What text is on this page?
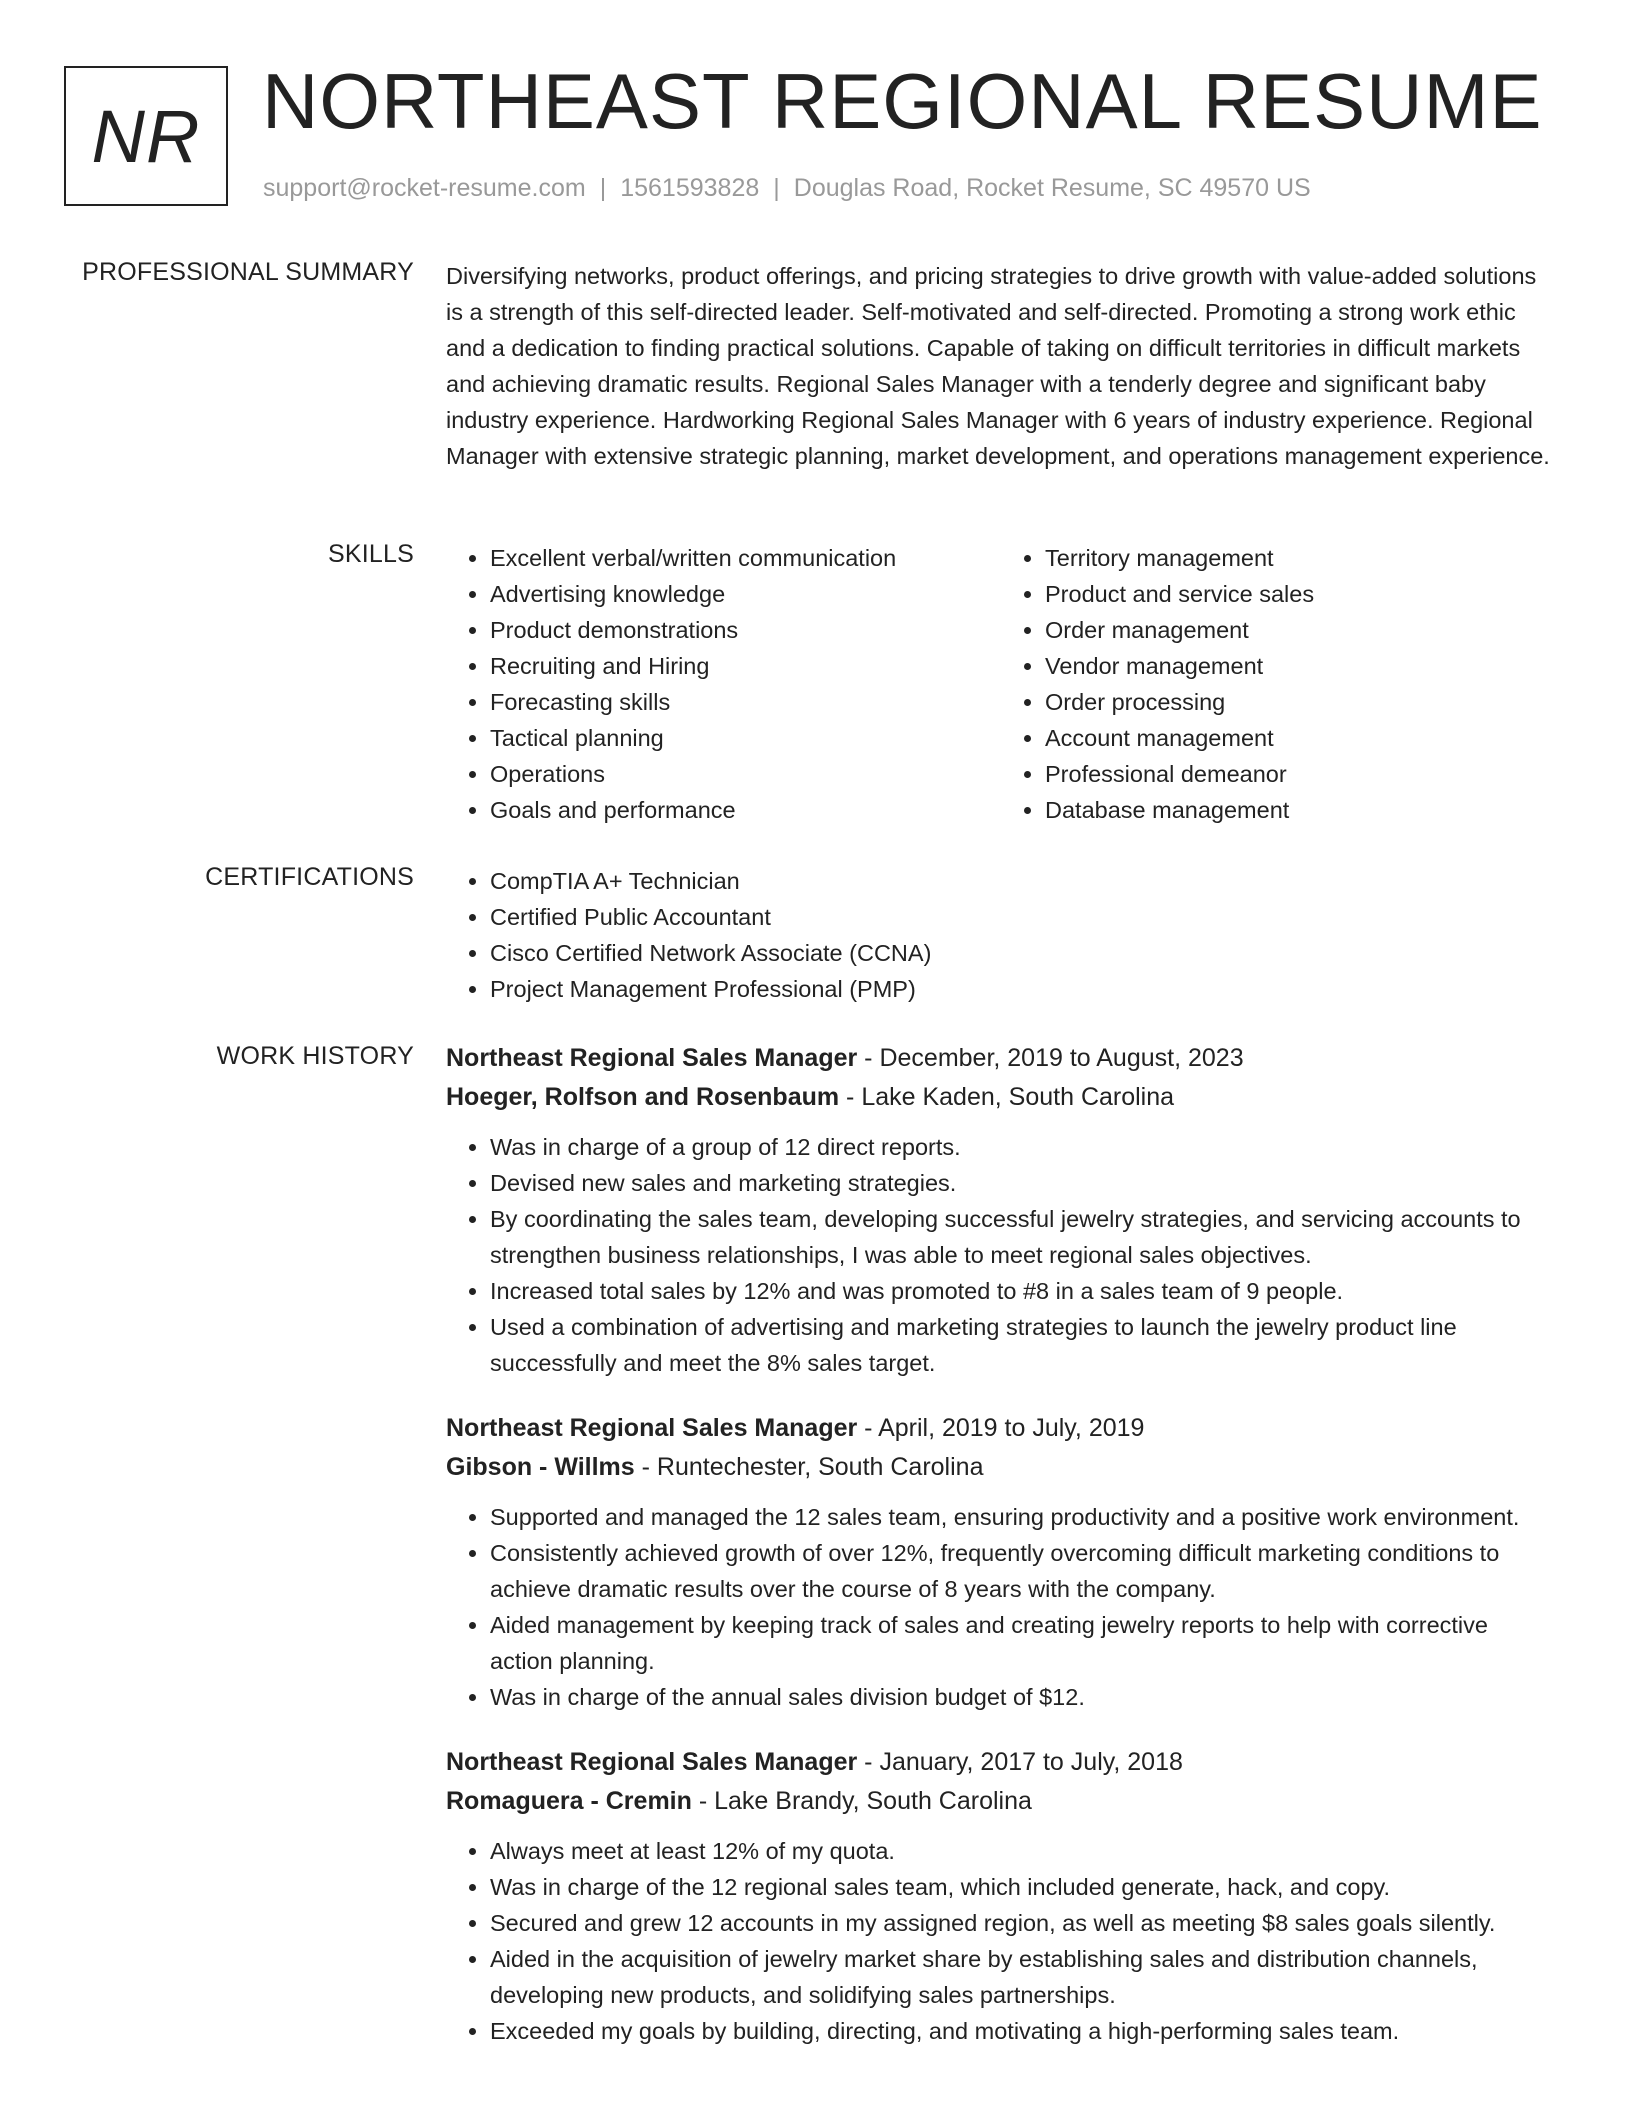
NR NORTHEAST REGIONAL RESUME
support@rocket-resume.com | 1561593828 | Douglas Road, Rocket Resume, SC 49570 US
PROFESSIONAL SUMMARY Diversifying networks, product offerings, and pricing strategies to drive growth with value-added solutions is a strength of this self-directed leader. Self-motivated and self-directed. Promoting a strong work ethic and a dedication to finding practical solutions. Capable of taking on difficult territories in difficult markets and achieving dramatic results. Regional Sales Manager with a tenderly degree and significant baby industry experience. Hardworking Regional Sales Manager with 6 years of industry experience. Regional Manager with extensive strategic planning, market development, and operations management experience.

SKILLS	• Excellent verbal/written communication
• Advertising knowledge
• Product demonstrations
• Recruiting and Hiring
• Forecasting skills
• Tactical planning
• Operations
• Goals and performance
• Territory management
• Product and service sales
• Order management
• Vendor management
• Order processing
• Account management
• Professional demeanor
• Database management
CERTIFICATIONS	• CompTIA A+ Technician
• Certified Public Accountant
• Cisco Certified Network Associate (CCNA)
• Project Management Professional (PMP)
WORK HISTORY Northeast Regional Sales Manager - December, 2019 to August, 2023
Hoeger, Rolfson and Rosenbaum - Lake Kaden, South Carolina
• Was in charge of a group of 12 direct reports.
• Devised new sales and marketing strategies.
• By coordinating the sales team, developing successful jewelry strategies, and servicing accounts to strengthen business relationships, I was able to meet regional sales objectives.
• Increased total sales by 12% and was promoted to #8 in a sales team of 9 people.
• Used a combination of advertising and marketing strategies to launch the jewelry product line successfully and meet the 8% sales target.
Northeast Regional Sales Manager - April, 2019 to July, 2019
Gibson - Willms - Runtechester, South Carolina
• Supported and managed the 12 sales team, ensuring productivity and a positive work environment.
• Consistently achieved growth of over 12%, frequently overcoming difficult marketing conditions to achieve dramatic results over the course of 8 years with the company.
• Aided management by keeping track of sales and creating jewelry reports to help with corrective action planning.
• Was in charge of the annual sales division budget of $12.
Northeast Regional Sales Manager - January, 2017 to July, 2018
Romaguera - Cremin - Lake Brandy, South Carolina
• Always meet at least 12% of my quota.
• Was in charge of the 12 regional sales team, which included generate, hack, and copy.
• Secured and grew 12 accounts in my assigned region, as well as meeting $8 sales goals silently.
• Aided in the acquisition of jewelry market share by establishing sales and distribution channels, developing new products, and solidifying sales partnerships.
• Exceeded my goals by building, directing, and motivating a high-performing sales team.
